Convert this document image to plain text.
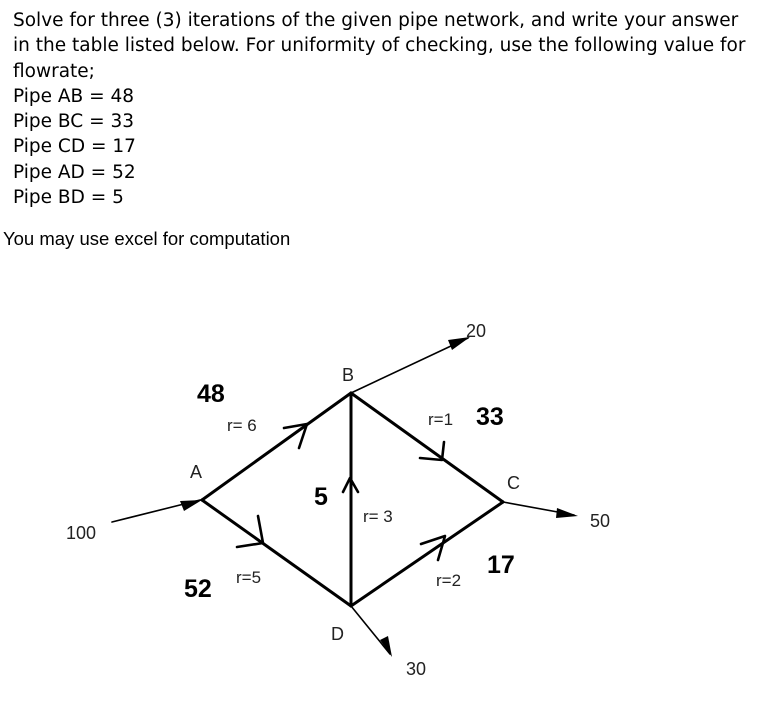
Solve for three (3) iterations of the given pipe network, and write your answer in the table listed below. For uniformity of checking, use the following value for flowrate;

Pipe AB = 48
Pipe BC = 33
Pipe CD = 17
Pipe AD = 52
Pipe BD = 5
You may use excel for computation
A
B
C
D
100
20
50
30
48
33
17
52
5
r= 6	r=1
r=2
r=5
r= 3
